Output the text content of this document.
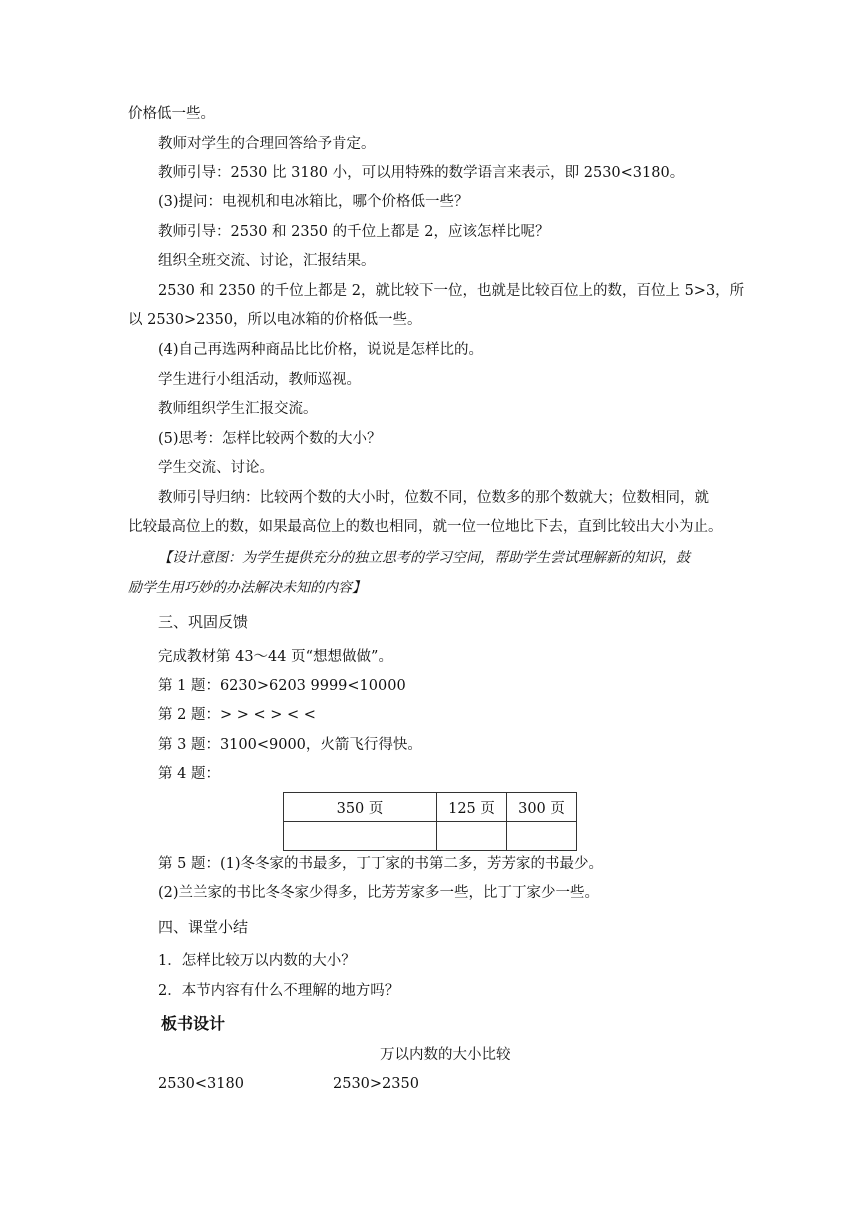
价格低一些。
教师对学生的合理回答给予肯定。
教师引导：2530 比 3180 小，可以用特殊的数学语言来表示，即 2530<3180。
(3)提问：电视机和电冰箱比，哪个价格低一些？
教师引导：2530 和 2350 的千位上都是 2，应该怎样比呢？
组织全班交流、讨论，汇报结果。
2530 和 2350 的千位上都是 2，就比较下一位，也就是比较百位上的数，百位上 5>3，所
以 2530>2350，所以电冰箱的价格低一些。
(4)自己再选两种商品比比价格，说说是怎样比的。
学生进行小组活动，教师巡视。
教师组织学生汇报交流。
(5)思考：怎样比较两个数的大小？
学生交流、讨论。
教师引导归纳：比较两个数的大小时，位数不同，位数多的那个数就大；位数相同，就
比较最高位上的数，如果最高位上的数也相同，就一位一位地比下去，直到比较出大小为止。
【设计意图：为学生提供充分的独立思考的学习空间，帮助学生尝试理解新的知识，鼓
励学生用巧妙的办法解决未知的内容】
三、巩固反馈
完成教材第 43～44 页“想想做做”。
第 1 题：6230>6203 9999<10000
第 2 题：> > < > < <
第 3 题：3100<9000，火箭飞行得快。
第 4 题：
350 页	125 页	300 页

第 5 题：(1)冬冬家的书最多，丁丁家的书第二多，芳芳家的书最少。
(2)兰兰家的书比冬冬家少得多，比芳芳家多一些，比丁丁家少一些。
四、课堂小结
1．怎样比较万以内数的大小？
2．本节内容有什么不理解的地方吗？
板书设计
万以内数的大小比较
2530<3180	2530>2350
